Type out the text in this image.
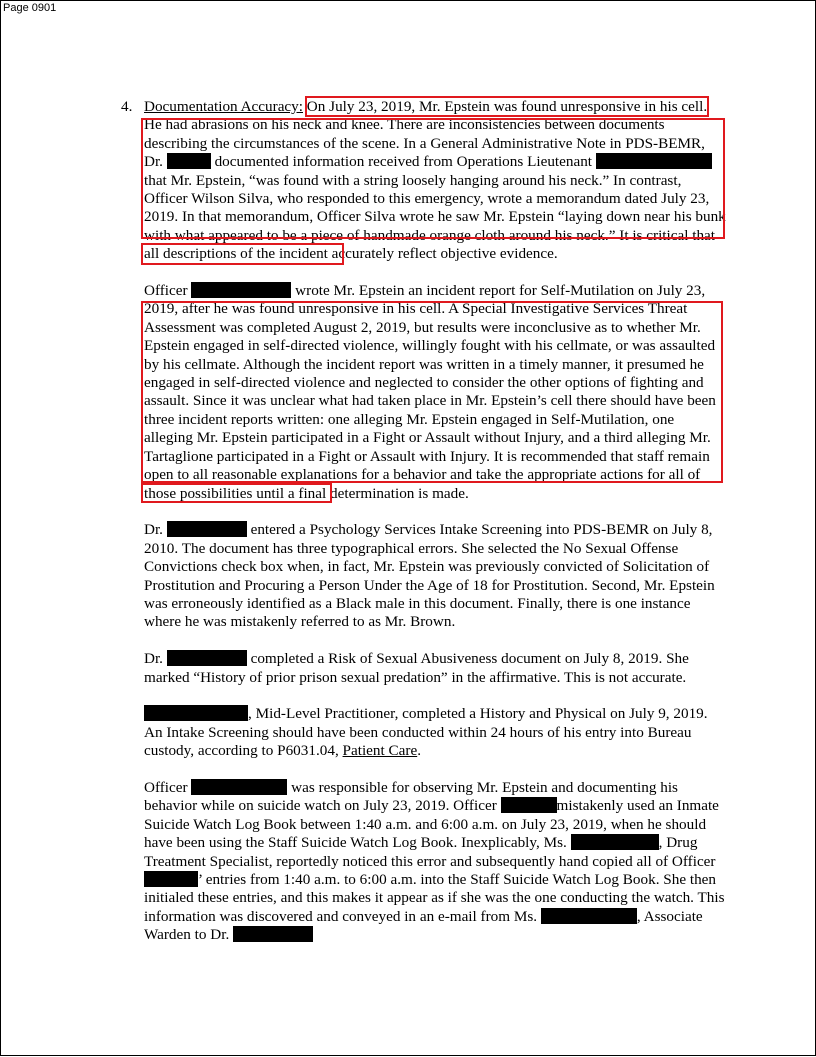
Page 0901
4. Documentation Accuracy: On July 23, 2019, Mr. Epstein was found unresponsive in his cell. He had abrasions on his neck and knee. There are inconsistencies between documents describing the circumstances of the scene. In a General Administrative Note in PDS-BEMR, Dr.	documented information received from Operations Lieutenant that Mr. Epstein, “was found with a string loosely hanging around his neck.” In contrast, Officer Wilson Silva, who responded to this emergency, wrote a memorandum dated July 23, 2019. In that memorandum, Officer Silva wrote he saw Mr. Epstein “laying down near his bunk with what appeared to be a piece of handmade orange cloth around his neck.” It is critical that all descriptions of the incident accurately reflect objective evidence.

Officer	wrote Mr. Epstein an incident report for Self-Mutilation on July 23, 2019, after he was found unresponsive in his cell. A Special Investigative Services Threat Assessment was completed August 2, 2019, but results were inconclusive as to whether Mr. Epstein engaged in self-directed violence, willingly fought with his cellmate, or was assaulted by his cellmate. Although the incident report was written in a timely manner, it presumed he engaged in self-directed violence and neglected to consider the other options of fighting and assault. Since it was unclear what had taken place in Mr. Epstein’s cell there should have been three incident reports written: one alleging Mr. Epstein engaged in Self-Mutilation, one alleging Mr. Epstein participated in a Fight or Assault without Injury, and a third alleging Mr. Tartaglione participated in a Fight or Assault with Injury. It is recommended that staff remain open to all reasonable explanations for a behavior and take the appropriate actions for all of those possibilities until a final determination is made.

Dr.	entered a Psychology Services Intake Screening into PDS-BEMR on July 8, 2010. The document has three typographical errors. She selected the No Sexual Offense Convictions check box when, in fact, Mr. Epstein was previously convicted of Solicitation of Prostitution and Procuring a Person Under the Age of 18 for Prostitution. Second, Mr. Epstein was erroneously identified as a Black male in this document. Finally, there is one instance where he was mistakenly referred to as Mr. Brown.

Dr.	completed a Risk of Sexual Abusiveness document on July 8, 2019. She marked “History of prior prison sexual predation” in the affirmative. This is not accurate.

, Mid-Level Practitioner, completed a History and Physical on July 9, 2019. An Intake Screening should have been conducted within 24 hours of his entry into Bureau custody, according to P6031.04, Patient Care.

Officer	was responsible for observing Mr. Epstein and documenting his behavior while on suicide watch on July 23, 2019. Officer	mistakenly used an Inmate Suicide Watch Log Book between 1:40 a.m. and 6:00 a.m. on July 23, 2019, when he should have been using the Staff Suicide Watch Log Book. Inexplicably, Ms.	, Drug Treatment Specialist, reportedly noticed this error and subsequently hand copied all of Officer ’ entries from 1:40 a.m. to 6:00 a.m. into the Staff Suicide Watch Log Book. She then initialed these entries, and this makes it appear as if she was the one conducting the watch. This information was discovered and conveyed in an e-mail from Ms.	, Associate Warden to Dr.
